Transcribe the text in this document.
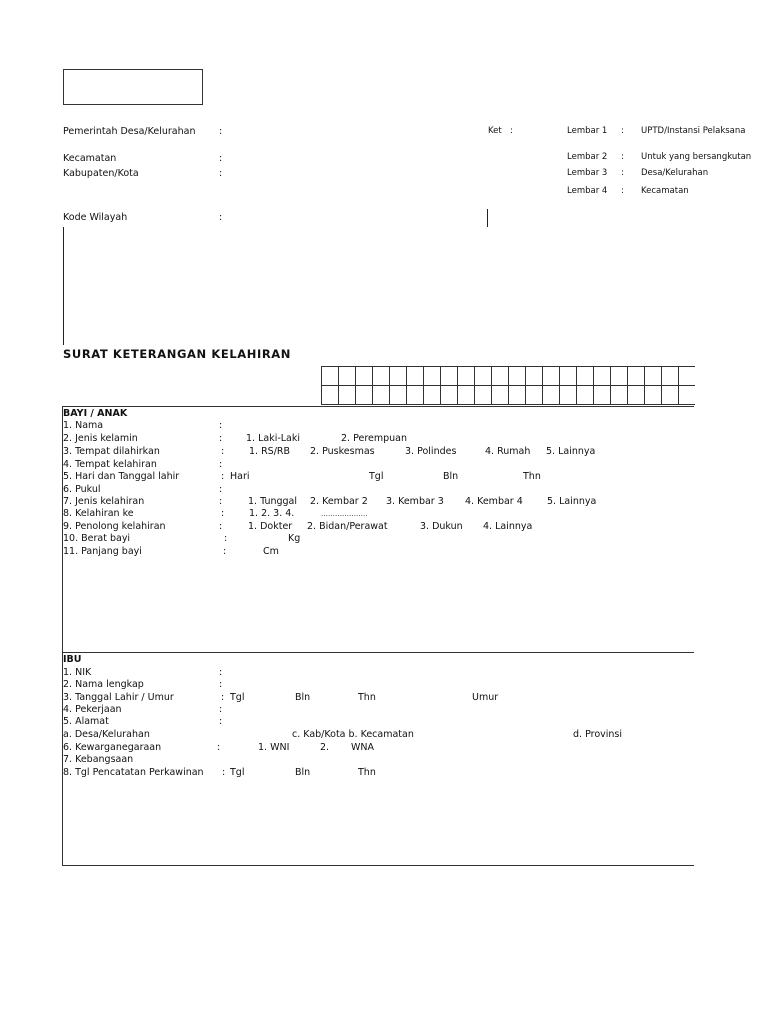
Pemerintah Desa/Kelurahan :
Kecamatan	:
Kabupaten/Kota	:
Kode Wilayah	:
Ket :	Lembar 1 : UPTD/Instansi Pelaksana
Lembar 2 : Untuk yang bersangkutan
Lembar 3 : Desa/Kelurahan
Lembar 4 : Kecamatan
SURAT KETERANGAN KELAHIRAN

BAYI / ANAK
1. Nama	:
2. Jenis kelamin	:	1. Laki-Laki	2. Perempuan
3. Tempat dilahirkan	:	1. RS/RB 2. Puskesmas	3. Polindes	4. Rumah 5. Lainnya
4. Tempat kelahiran	:
5. Hari dan Tanggal lahir	: Hari	Tgl	Bln	Thn
6. Pukul	:
7. Jenis kelahiran	:	1. Tunggal 2. Kembar 2 3. Kembar 3 4. Kembar 4	5. Lainnya
8. Kelahiran ke	:	1. 2. 3. 4.	………………..
9. Penolong kelahiran	:	1. Dokter 2. Bidan/Perawat	3. Dukun 4. Lainnya
10. Berat bayi	:	Kg
11. Panjang bayi	:	Cm
IBU
1. NIK	:
2. Nama lengkap	:
3. Tanggal Lahir / Umur	: Tgl	Bln	Thn	Umur
4. Pekerjaan	:
5. Alamat	:
a. Desa/Kelurahan	c. Kab/Kota b. Kecamatan	d. Provinsi
6. Kewarganegaraan	:	1. WNI	2. WNA
7. Kebangsaan
8. Tgl Pencatatan Perkawinan : Tgl	Bln	Thn
